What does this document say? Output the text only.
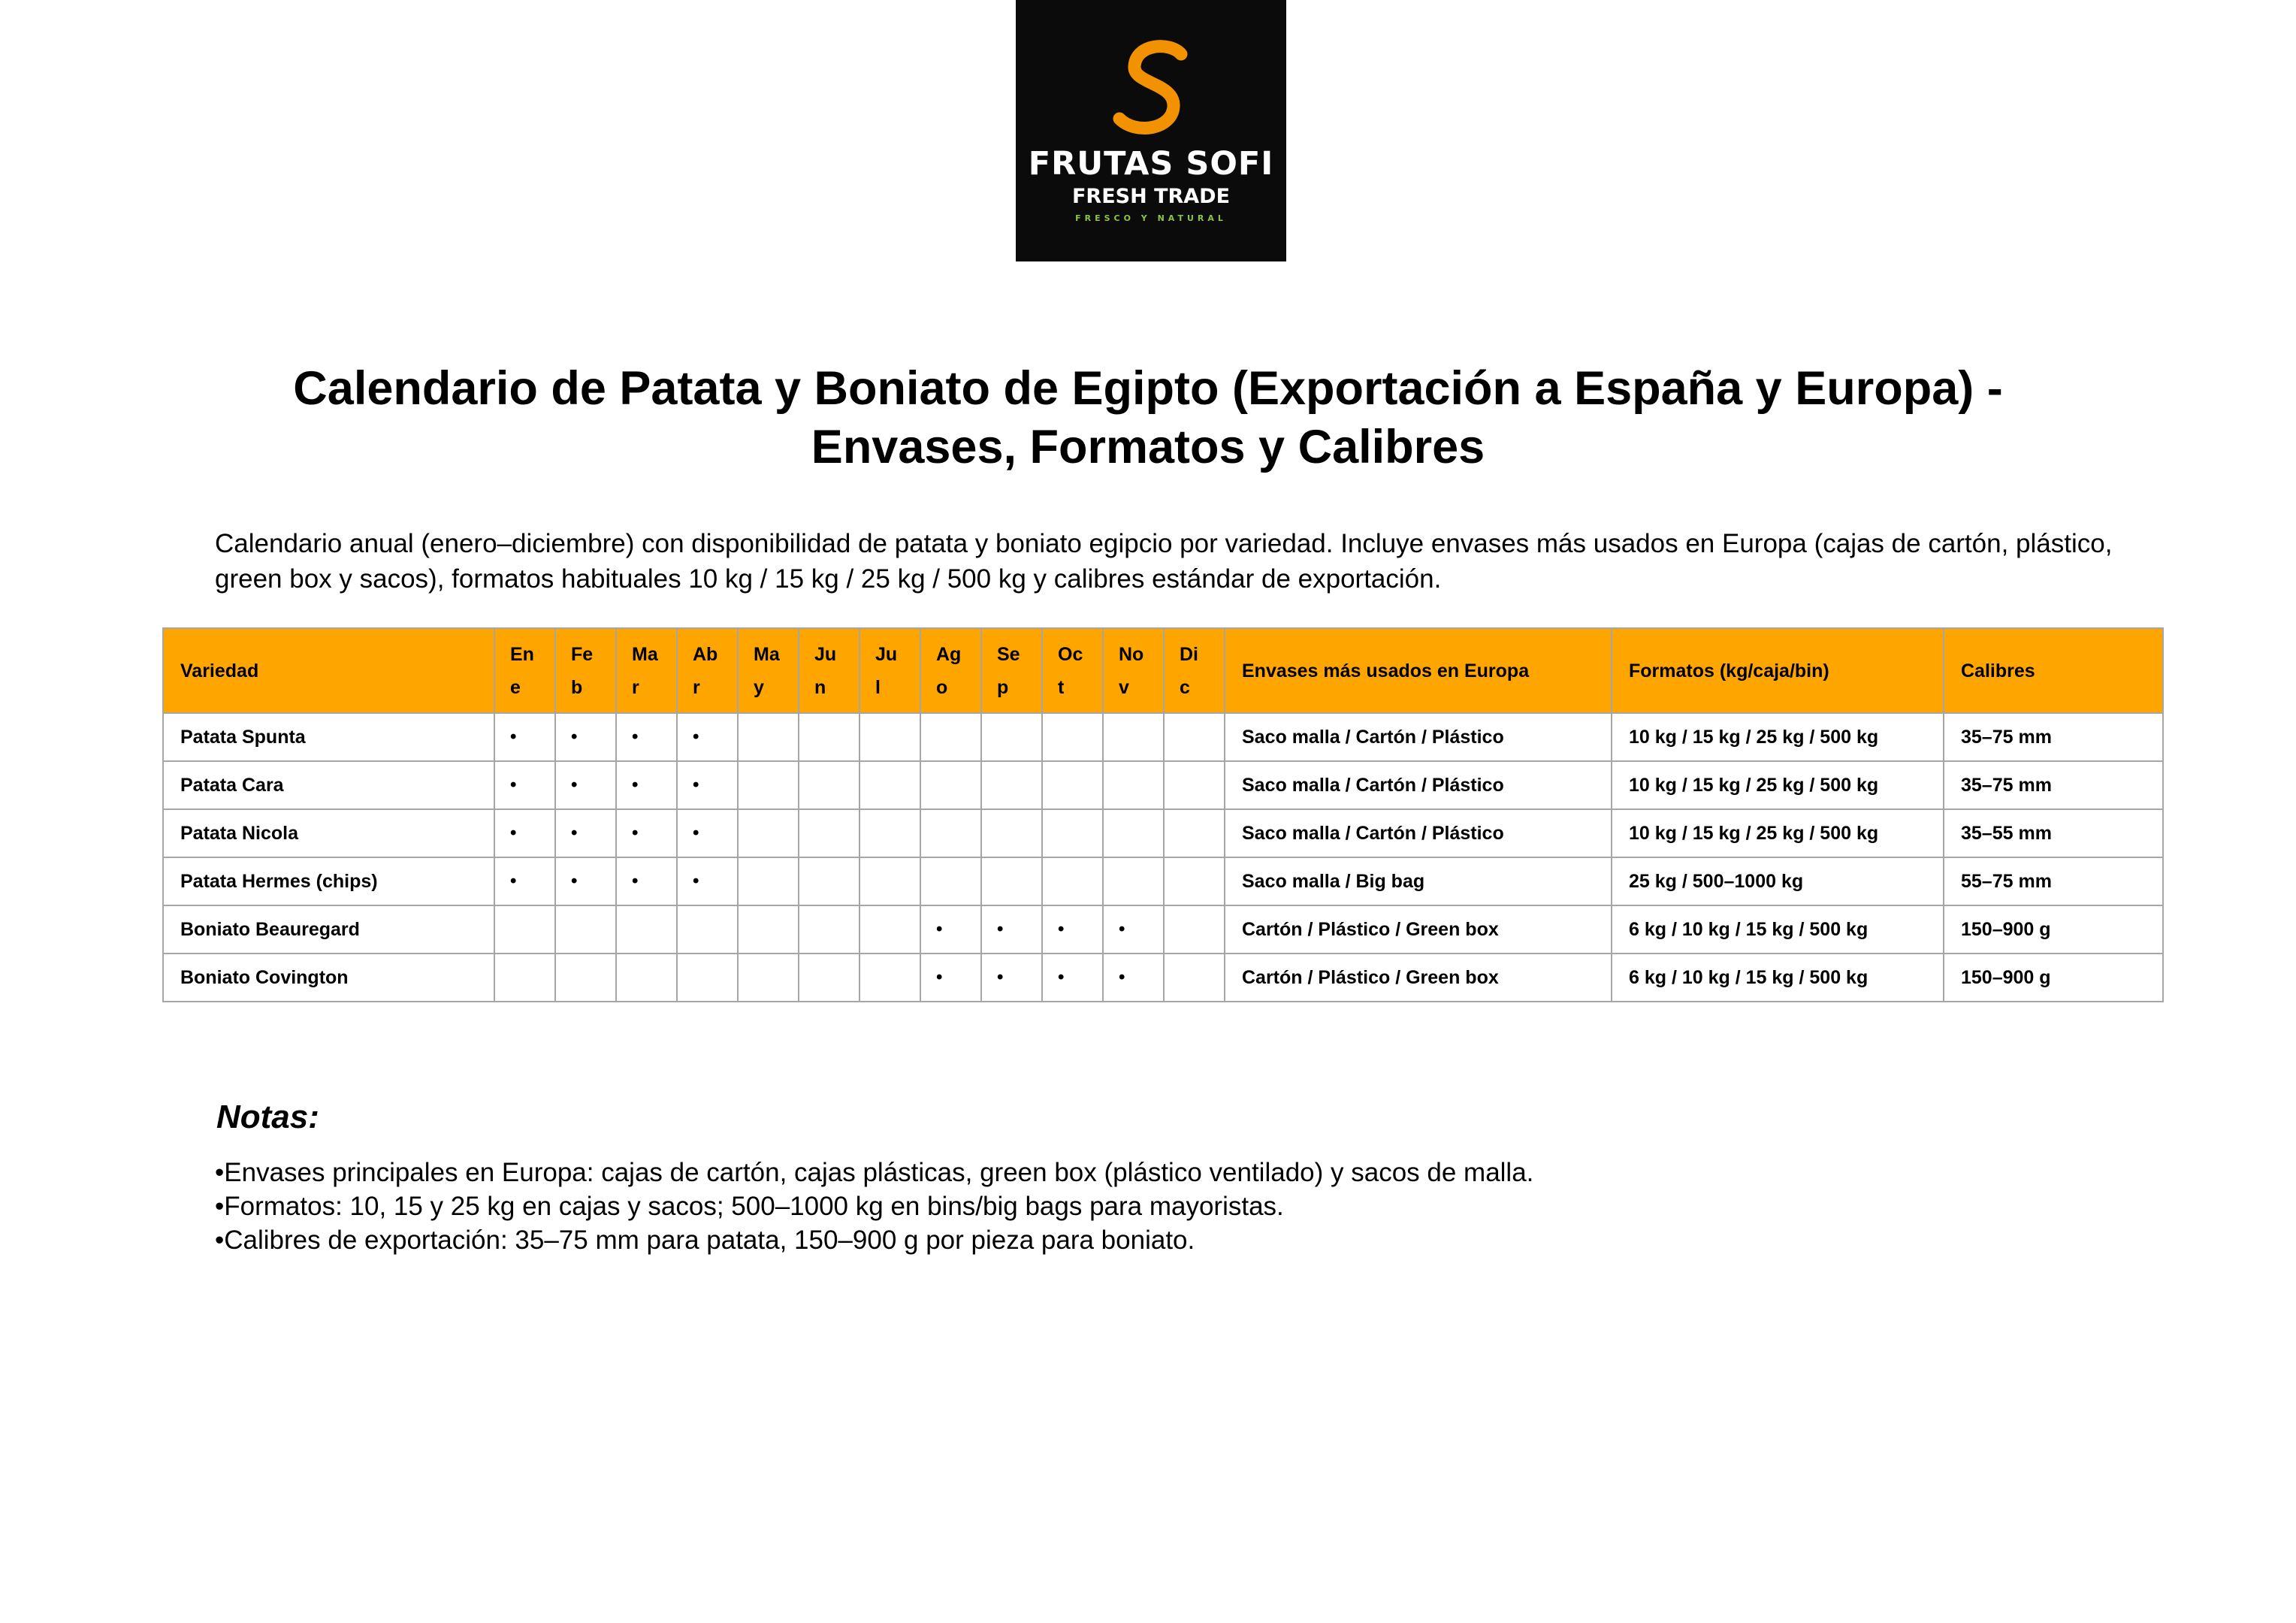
FRUTAS SOFI
FRESH TRADE
FRESCO Y NATURAL
Calendario de Patata y Boniato de Egipto (Exportación a España y Europa) -
Envases, Formatos y Calibres
Calendario anual (enero–diciembre) con disponibilidad de patata y boniato egipcio por variedad. Incluye envases más usados en Europa (cajas de cartón, plástico, green box y sacos), formatos habituales 10 kg / 15 kg / 25 kg / 500 kg y calibres estándar de exportación.
Variedad	Ene	Feb	Mar	Abr	May	Jun	Jul	Ago	Sep	Oct	Nov	Dic	Envases más usados en Europa	Formatos (kg/caja/bin)	Calibres
Patata Spunta	•	•	•	•									Saco malla / Cartón / Plástico	10 kg / 15 kg / 25 kg / 500 kg	35–75 mm
Patata Cara	•	•	•	•									Saco malla / Cartón / Plástico	10 kg / 15 kg / 25 kg / 500 kg	35–75 mm
Patata Nicola	•	•	•	•									Saco malla / Cartón / Plástico	10 kg / 15 kg / 25 kg / 500 kg	35–55 mm
Patata Hermes (chips)	•	•	•	•									Saco malla / Big bag	25 kg / 500–1000 kg	55–75 mm
Boniato Beauregard								•	•	•	•		Cartón / Plástico / Green box	6 kg / 10 kg / 15 kg / 500 kg	150–900 g
Boniato Covington								•	•	•	•		Cartón / Plástico / Green box	6 kg / 10 kg / 15 kg / 500 kg	150–900 g
Notas:
•Envases principales en Europa: cajas de cartón, cajas plásticas, green box (plástico ventilado) y sacos de malla.
•Formatos: 10, 15 y 25 kg en cajas y sacos; 500–1000 kg en bins/big bags para mayoristas.
•Calibres de exportación: 35–75 mm para patata, 150–900 g por pieza para boniato.
